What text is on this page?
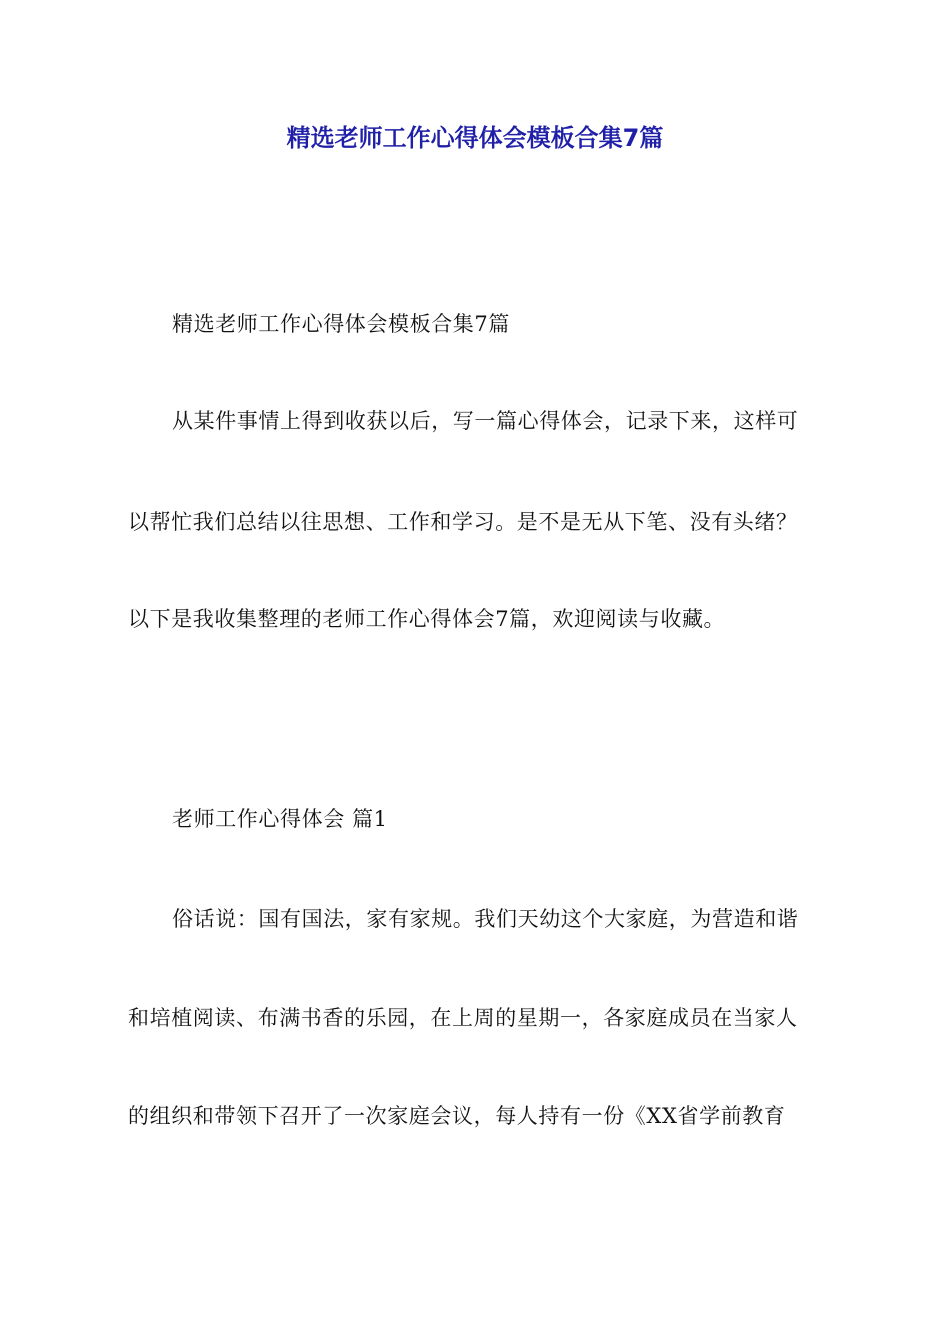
精选老师工作心得体会模板合集7篇
精选老师工作心得体会模板合集7篇
从某件事情上得到收获以后，写一篇心得体会，记录下来，这样可
以帮忙我们总结以往思想、工作和学习。是不是无从下笔、没有头绪？
以下是我收集整理的老师工作心得体会7篇，欢迎阅读与收藏。
老师工作心得体会 篇1
俗话说：国有国法，家有家规。我们天幼这个大家庭，为营造和谐
和培植阅读、布满书香的乐园，在上周的星期一，各家庭成员在当家人
的组织和带领下召开了一次家庭会议，每人持有一份《XX省学前教育
